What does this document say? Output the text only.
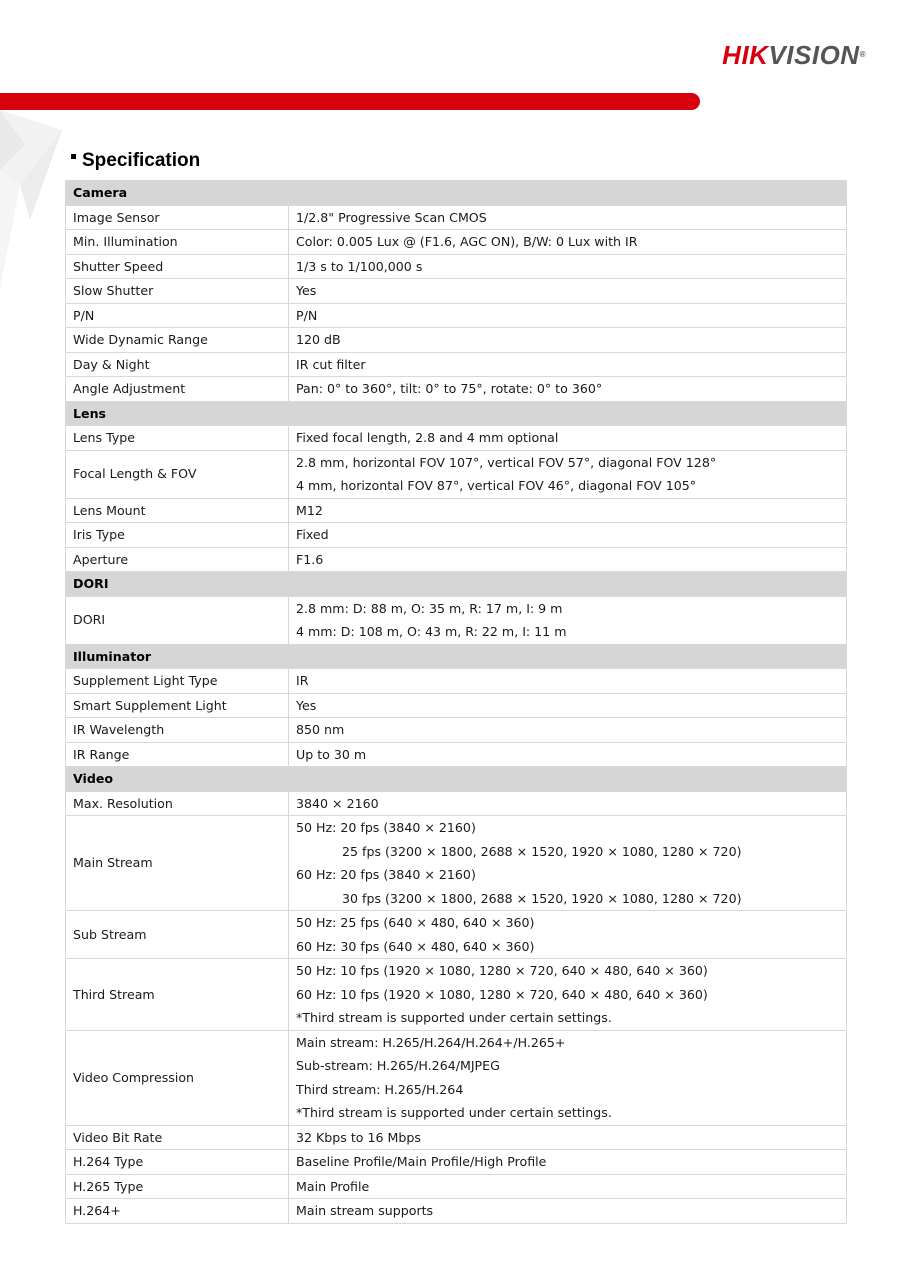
HIKVISION®
Specification
Camera	
Image Sensor	1/2.8" Progressive Scan CMOS

Min. Illumination	Color: 0.005 Lux @ (F1.6, AGC ON), B/W: 0 Lux with IR

Shutter Speed	1/3 s to 1/100,000 s

Slow Shutter	Yes

P/N	P/N

Wide Dynamic Range	120 dB

Day & Night	IR cut filter

Angle Adjustment	Pan: 0° to 360°, tilt: 0° to 75°, rotate: 0° to 360°

Lens	
Lens Type	Fixed focal length, 2.8 and 4 mm optional

Focal Length & FOV	2.8 mm, horizontal FOV 107°, vertical FOV 57°, diagonal FOV 128°
4 mm, horizontal FOV 87°, vertical FOV 46°, diagonal FOV 105°

Lens Mount	M12

Iris Type	Fixed

Aperture	F1.6

DORI	
DORI	2.8 mm: D: 88 m, O: 35 m, R: 17 m, I: 9 m
4 mm: D: 108 m, O: 43 m, R: 22 m, I: 11 m

Illuminator	
Supplement Light Type	IR

Smart Supplement Light	Yes

IR Wavelength	850 nm

IR Range	Up to 30 m

Video	
Max. Resolution	3840 × 2160

Main Stream	50 Hz: 20 fps (3840 × 2160)
25 fps (3200 × 1800, 2688 × 1520, 1920 × 1080, 1280 × 720)
60 Hz: 20 fps (3840 × 2160)
30 fps (3200 × 1800, 2688 × 1520, 1920 × 1080, 1280 × 720)

Sub Stream	50 Hz: 25 fps (640 × 480, 640 × 360)
60 Hz: 30 fps (640 × 480, 640 × 360)

Third Stream	50 Hz: 10 fps (1920 × 1080, 1280 × 720, 640 × 480, 640 × 360)
60 Hz: 10 fps (1920 × 1080, 1280 × 720, 640 × 480, 640 × 360)
*Third stream is supported under certain settings.

Video Compression	Main stream: H.265/H.264/H.264+/H.265+
Sub-stream: H.265/H.264/MJPEG
Third stream: H.265/H.264
*Third stream is supported under certain settings.

Video Bit Rate	32 Kbps to 16 Mbps

H.264 Type	Baseline Profile/Main Profile/High Profile

H.265 Type	Main Profile

H.264+	Main stream supports
